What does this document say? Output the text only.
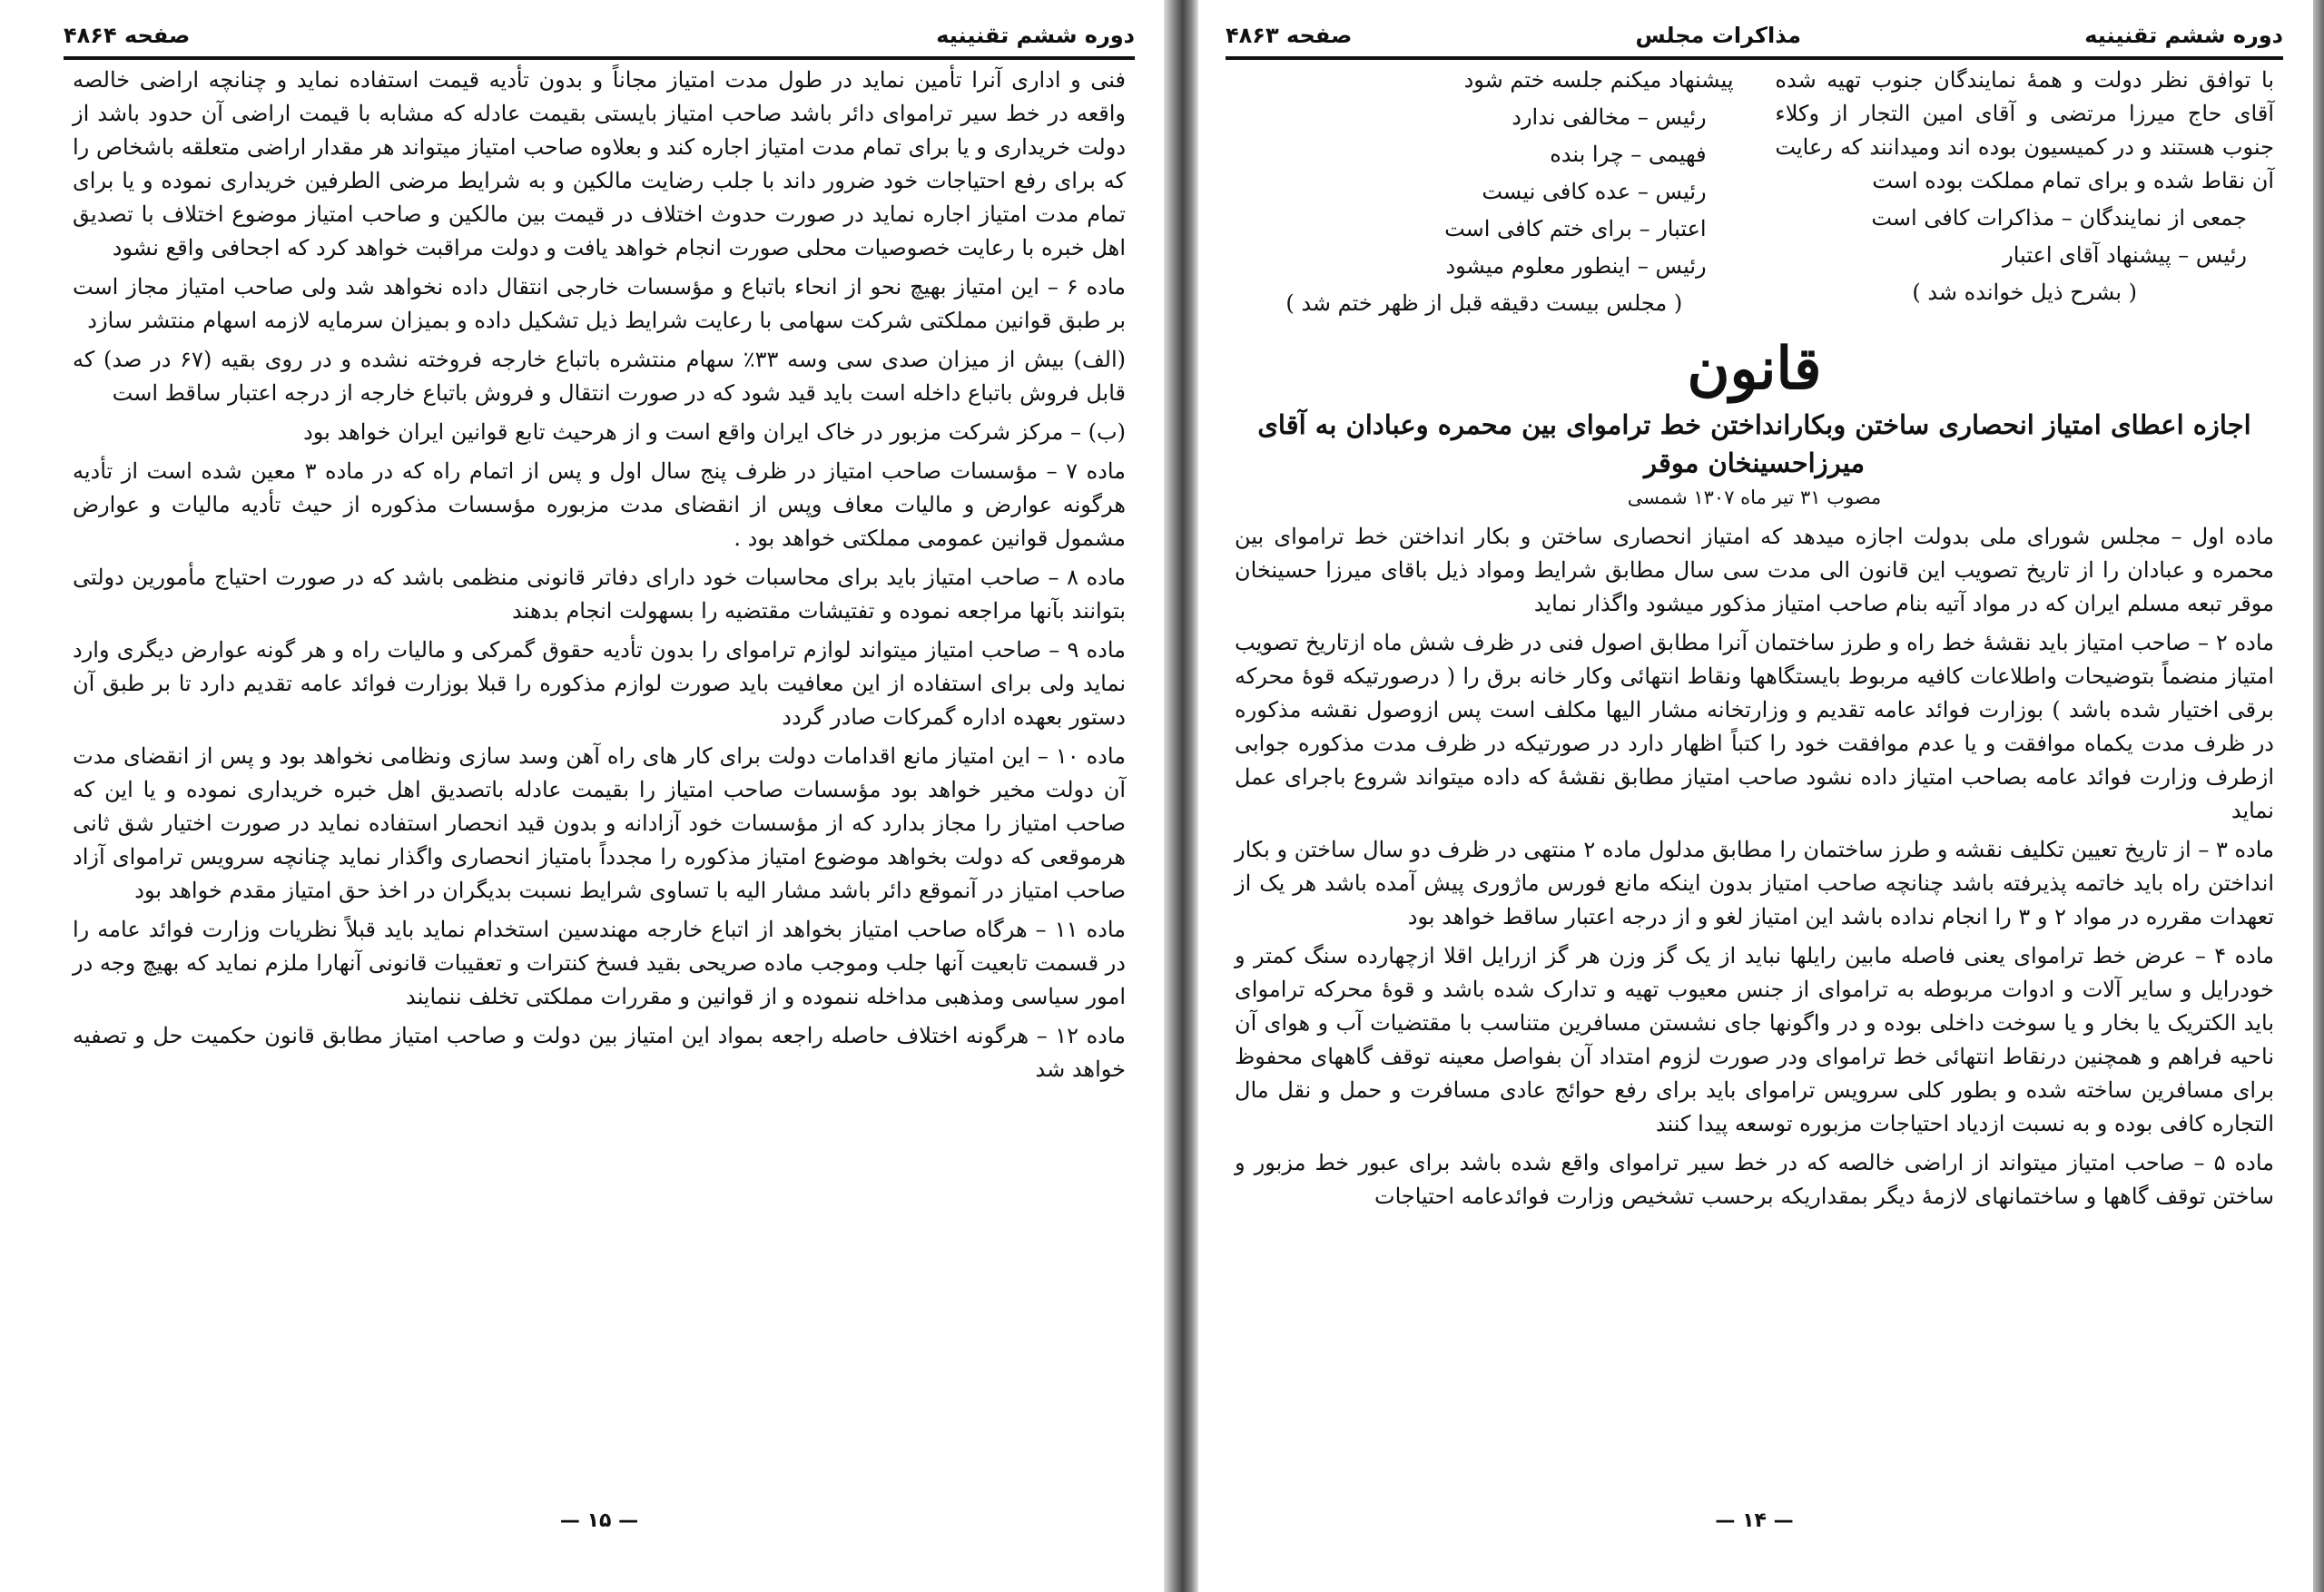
دوره ششم تقنینیه
صفحه ۴۸۶۴

فنی و اداری آنرا تأمین نماید در طول مدت امتیاز مجاناً و بدون تأدیه قیمت استفاده نماید و چنانچه اراضی خالصه واقعه در خط سیر تراموای دائر باشد صاحب امتیاز بایستی بقیمت عادله که مشابه با قیمت اراضی آن حدود باشد از دولت خریداری و یا برای تمام مدت امتیاز اجاره کند و بعلاوه صاحب امتیاز میتواند هر مقدار اراضی متعلقه باشخاص را که برای رفع احتیاجات خود ضرور داند با جلب رضایت مالکین و به شرایط مرضی الطرفین خریداری نموده و یا برای تمام مدت امتیاز اجاره نماید در صورت حدوث اختلاف در قیمت بین مالکین و صاحب امتیاز موضوع اختلاف با تصدیق اهل خبره با رعایت خصوصیات محلی صورت انجام خواهد یافت و دولت مراقبت خواهد کرد که اجحافی واقع نشود

ماده ۶ – این امتیاز بهیچ نحو از انحاء باتباع و مؤسسات خارجی انتقال داده نخواهد شد ولی صاحب امتیاز مجاز است بر طبق قوانین مملکتی شرکت سهامی با رعایت شرایط ذیل تشکیل داده و بمیزان سرمایه لازمه اسهام منتشر سازد

(الف) بیش از میزان صدی سی وسه ۳۳٪ سهام منتشره باتباع خارجه فروخته نشده و در روی بقیه (۶۷ در صد) که قابل فروش باتباع داخله است باید قید شود که در صورت انتقال و فروش باتباع خارجه از درجه اعتبار ساقط است

(ب) – مرکز شرکت مزبور در خاک ایران واقع است و از هرحیث تابع قوانین ایران خواهد بود

ماده ۷ – مؤسسات صاحب امتیاز در ظرف پنج سال اول و پس از اتمام راه که در ماده ۳ معین شده است از تأدیه هرگونه عوارض و مالیات معاف وپس از انقضای مدت مزبوره مؤسسات مذکوره از حیث تأدیه مالیات و عوارض مشمول قوانین عمومی مملکتی خواهد بود .

ماده ۸ – صاحب امتیاز باید برای محاسبات خود دارای دفاتر قانونی منظمی باشد که در صورت احتیاج مأمورین دولتی بتوانند بآنها مراجعه نموده و تفتیشات مقتضیه را بسهولت انجام بدهند

ماده ۹ – صاحب امتیاز میتواند لوازم تراموای را بدون تأدیه حقوق گمرکی و مالیات راه و هر گونه عوارض دیگری وارد نماید ولی برای استفاده از این معافیت باید صورت لوازم مذکوره را قبلا بوزارت فوائد عامه تقدیم دارد تا بر طبق آن دستور بعهده اداره گمرکات صادر گردد

ماده ۱۰ – این امتیاز مانع اقدامات دولت برای کار های راه آهن وسد سازی ونظامی نخواهد بود و پس از انقضای مدت آن دولت مخیر خواهد بود مؤسسات صاحب امتیاز را بقیمت عادله باتصدیق اهل خبره خریداری نموده و یا این که صاحب امتیاز را مجاز بدارد که از مؤسسات خود آزادانه و بدون قید انحصار استفاده نماید در صورت اختیار شق ثانی هرموقعی که دولت بخواهد موضوع امتیاز مذکوره را مجدداً بامتیاز انحصاری واگذار نماید چنانچه سرویس تراموای آزاد صاحب امتیاز در آنموقع دائر باشد مشار الیه با تساوی شرایط نسبت بدیگران در اخذ حق امتیاز مقدم خواهد بود

ماده ۱۱ – هرگاه صاحب امتیاز بخواهد از اتباع خارجه مهندسین استخدام نماید باید قبلاً نظریات وزارت فوائد عامه را در قسمت تابعیت آنها جلب وموجب ماده صریحی بقید فسخ کنترات و تعقیبات قانونی آنهارا ملزم نماید که بهیچ وجه در امور سیاسی ومذهبی مداخله ننموده و از قوانین و مقررات مملکتی تخلف ننمایند

ماده ۱۲ – هرگونه اختلاف حاصله راجعه بمواد این امتیاز بین دولت و صاحب امتیاز مطابق قانون حکمیت حل و تصفیه خواهد شد

— ۱۵ —
دوره ششم تقنینیه
مذاکرات مجلس
صفحه ۴۸۶۳

با توافق نظر دولت و همهٔ نمایندگان جنوب تهیه شده آقای حاج میرزا مرتضی و آقای امین التجار از وکلاء جنوب هستند و در کمیسیون بوده اند ومیدانند که رعایت آن نقاط شده و برای تمام مملکت بوده است

جمعی از نمایندگان – مذاکرات کافی است

رئیس – پیشنهاد آقای اعتبار

( بشرح ذیل خوانده شد )

پیشنهاد میکنم جلسه ختم شود

رئیس – مخالفی ندارد

فهیمی – چرا بنده

رئیس – عده کافی نیست

اعتبار – برای ختم کافی است

رئیس – اینطور معلوم میشود

( مجلس بیست دقیقه قبل از ظهر ختم شد )

قانون
اجازه اعطای امتیاز انحصاری ساختن وبکارانداختن خط تراموای بین محمره وعبادان به آقای میرزاحسینخان موقر

مصوب ۳۱ تیر ماه ۱۳۰۷ شمسی

ماده اول – مجلس شورای ملی بدولت اجازه میدهد که امتیاز انحصاری ساختن و بکار انداختن خط تراموای بین محمره و عبادان را از تاریخ تصویب این قانون الی مدت سی سال مطابق شرایط ومواد ذیل باقای میرزا حسینخان موقر تبعه مسلم ایران که در مواد آتیه بنام صاحب امتیاز مذکور میشود واگذار نماید

ماده ۲ – صاحب امتیاز باید نقشهٔ خط راه و طرز ساختمان آنرا مطابق اصول فنی در ظرف شش ماه ازتاریخ تصویب امتیاز منضماً بتوضیحات واطلاعات کافیه مربوط بایستگاهها ونقاط انتهائی وکار خانه برق را ( درصورتیکه قوهٔ محرکه برقی اختیار شده باشد ) بوزارت فوائد عامه تقدیم و وزارتخانه مشار الیها مکلف است پس ازوصول نقشه مذکوره در ظرف مدت یکماه موافقت و یا عدم موافقت خود را کتباً اظهار دارد در صورتیکه در ظرف مدت مذکوره جوابی ازطرف وزارت فوائد عامه بصاحب امتیاز داده نشود صاحب امتیاز مطابق نقشهٔ که داده میتواند شروع باجرای عمل نماید

ماده ۳ – از تاریخ تعیین تکلیف نقشه و طرز ساختمان را مطابق مدلول ماده ۲ منتهی در ظرف دو سال ساختن و بکار انداختن راه باید خاتمه پذیرفته باشد چنانچه صاحب امتیاز بدون اینکه مانع فورس ماژوری پیش آمده باشد هر یک از تعهدات مقرره در مواد ۲ و ۳ را انجام نداده باشد این امتیاز لغو و از درجه اعتبار ساقط خواهد بود

ماده ۴ – عرض خط تراموای یعنی فاصله مابین رایلها نباید از یک گز وزن هر گز ازرایل اقلا ازچهارده سنگ کمتر و خودرایل و سایر آلات و ادوات مربوطه به تراموای از جنس معیوب تهیه و تدارک شده باشد و قوهٔ محرکه تراموای باید الکتریک یا بخار و یا سوخت داخلی بوده و در واگونها جای نشستن مسافرین متناسب با مقتضیات آب و هوای آن ناحیه فراهم و همچنین درنقاط انتهائی خط تراموای ودر صورت لزوم امتداد آن بفواصل معینه توقف گاههای محفوظ برای مسافرین ساخته شده و بطور کلی سرویس تراموای باید برای رفع حوائج عادی مسافرت و حمل و نقل مال التجاره کافی بوده و به نسبت ازدیاد احتیاجات مزبوره توسعه پیدا کنند

ماده ۵ – صاحب امتیاز میتواند از اراضی خالصه که در خط سیر تراموای واقع شده باشد برای عبور خط مزبور و ساختن توقف گاهها و ساختمانهای لازمهٔ دیگر بمقداریکه برحسب تشخیص وزارت فوائدعامه احتیاجات

— ۱۴ —
